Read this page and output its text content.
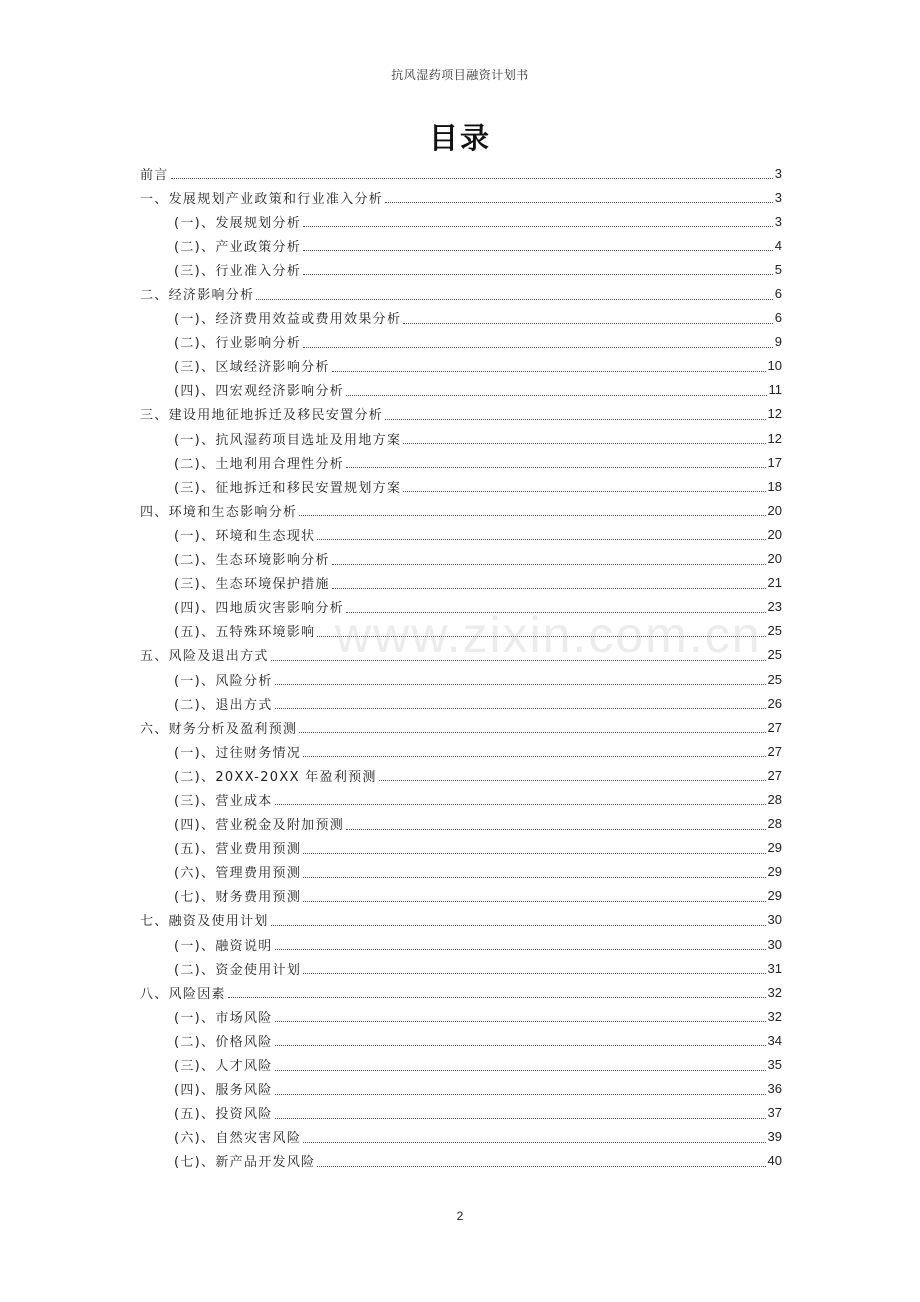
抗风湿药项目融资计划书
目录
前言	3
一、发展规划产业政策和行业准入分析	3
(一)、发展规划分析	3
(二)、产业政策分析	4
(三)、行业准入分析	5
二、经济影响分析	6
(一)、经济费用效益或费用效果分析	6
(二)、行业影响分析	9
(三)、区域经济影响分析	10
(四)、四宏观经济影响分析	11
三、建设用地征地拆迁及移民安置分析	12
(一)、抗风湿药项目选址及用地方案	12
(二)、土地利用合理性分析	17
(三)、征地拆迁和移民安置规划方案	18
四、环境和生态影响分析	20
(一)、环境和生态现状	20
(二)、生态环境影响分析	20
(三)、生态环境保护措施	21
(四)、四地质灾害影响分析	23
(五)、五特殊环境影响	25
五、风险及退出方式	25
(一)、风险分析	25
(二)、退出方式	26
六、财务分析及盈利预测	27
(一)、过往财务情况	27
(二)、20XX-20XX 年盈利预测	27
(三)、营业成本	28
(四)、营业税金及附加预测	28
(五)、营业费用预测	29
(六)、管理费用预测	29
(七)、财务费用预测	29
七、融资及使用计划	30
(一)、融资说明	30
(二)、资金使用计划	31
八、风险因素	32
(一)、市场风险	32
(二)、价格风险	34
(三)、人才风险	35
(四)、服务风险	36
(五)、投资风险	37
(六)、自然灾害风险	39
(七)、新产品开发风险	40
www.zixin.com.cn
2
